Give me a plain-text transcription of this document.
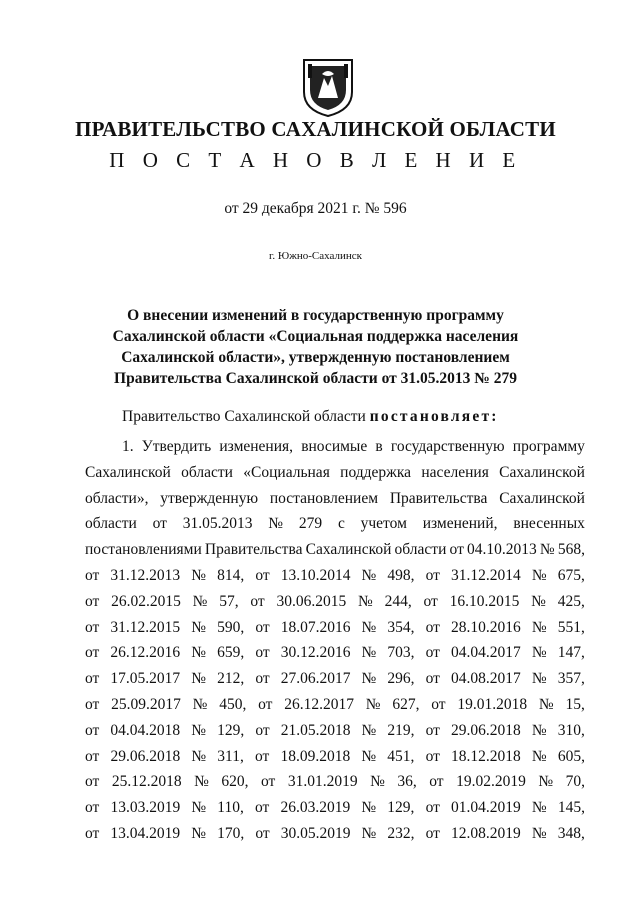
ПРАВИТЕЛЬСТВО САХАЛИНСКОЙ ОБЛАСТИ
П О С Т А Н О В Л Е Н И Е
от 29 декабря 2021 г. № 596
г. Южно-Сахалинск
О внесении изменений в государственную программу Сахалинской области «Социальная поддержка населения Сахалинской области», утвержденную постановлением Правительства Сахалинской области от 31.05.2013 № 279
Правительство Сахалинской области постановляет:
1. Утвердить изменения, вносимые в государственную программу
Сахалинской области «Социальная поддержка населения Сахалинской
области», утвержденную постановлением Правительства Сахалинской
области от 31.05.2013 № 279 с учетом изменений, внесенных
постановлениями Правительства Сахалинской области от 04.10.2013 № 568,
от 31.12.2013 № 814, от 13.10.2014 № 498, от 31.12.2014 № 675,
от 26.02.2015 № 57, от 30.06.2015 № 244, от 16.10.2015 № 425,
от 31.12.2015 № 590, от 18.07.2016 № 354, от 28.10.2016 № 551,
от 26.12.2016 № 659, от 30.12.2016 № 703, от 04.04.2017 № 147,
от 17.05.2017 № 212, от 27.06.2017 № 296, от 04.08.2017 № 357,
от 25.09.2017 № 450, от 26.12.2017 № 627, от 19.01.2018 № 15,
от 04.04.2018 № 129, от 21.05.2018 № 219, от 29.06.2018 № 310,
от 29.06.2018 № 311, от 18.09.2018 № 451, от 18.12.2018 № 605,
от 25.12.2018 № 620, от 31.01.2019 № 36, от 19.02.2019 № 70,
от 13.03.2019 № 110, от 26.03.2019 № 129, от 01.04.2019 № 145,
от 13.04.2019 № 170, от 30.05.2019 № 232, от 12.08.2019 № 348,
